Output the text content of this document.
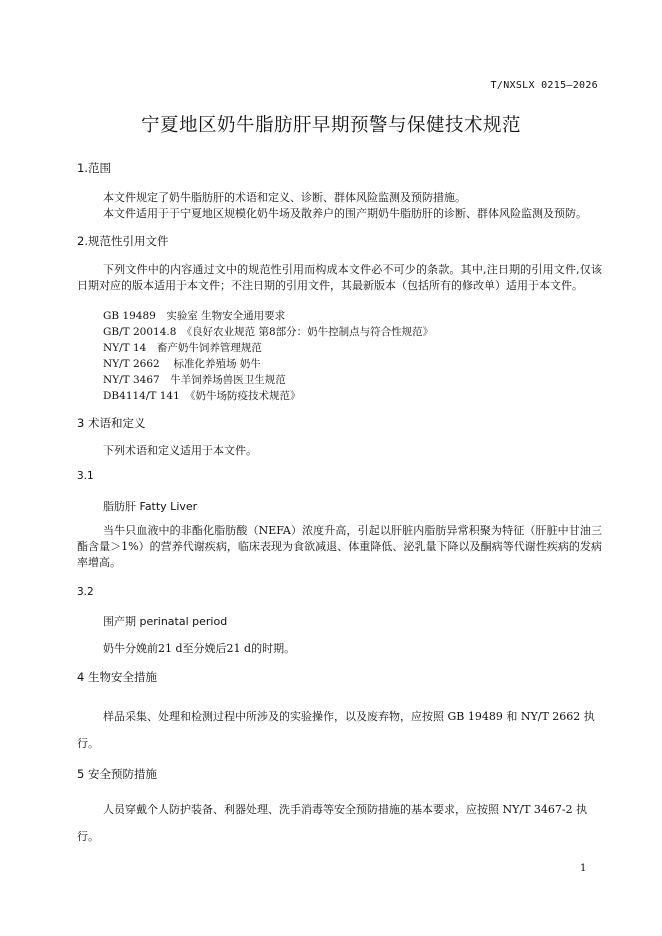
T/NXSLX 0215—2026
宁夏地区奶牛脂肪肝早期预警与保健技术规范
1.范围
本文件规定了奶牛脂肪肝的术语和定义、诊断、群体风险监测及预防措施。
本文件适用于于宁夏地区规模化奶牛场及散养户的围产期奶牛脂肪肝的诊断、群体风险监测及预防。
2.规范性引用文件
下列文件中的内容通过文中的规范性引用而构成本文件必不可少的条款。其中,注日期的引用文件,仅该日期对应的版本适用于本文件；不注日期的引用文件，其最新版本（包括所有的修改单）适用于本文件。
GB 19489　实验室 生物安全通用要求
GB/T 20014.8　《良好农业规范 第8部分：奶牛控制点与符合性规范》
NY/T 14　畜产奶牛饲养管理规范
NY/T 2662　 标准化养殖场 奶牛
NY/T 3467　牛羊饲养场兽医卫生规范
DB4114/T 141　《奶牛场防疫技术规范》
3 术语和定义
下列术语和定义适用于本文件。
3.1
脂肪肝 Fatty Liver
当牛只血液中的非酯化脂肪酸（NEFA）浓度升高，引起以肝脏内脂肪异常积聚为特征（肝脏中甘油三酯含量＞1%）的营养代谢疾病，临床表现为食欲减退、体重降低、泌乳量下降以及酮病等代谢性疾病的发病率增高。
3.2
围产期 perinatal period
奶牛分娩前21 d至分娩后21 d的时期。
4 生物安全措施
样品采集、处理和检测过程中所涉及的实验操作，以及废弃物，应按照 GB 19489 和 NY/T 2662 执行。
5 安全预防措施
人员穿戴个人防护装备、利器处理、洗手消毒等安全预防措施的基本要求，应按照 NY/T 3467-2 执行。
1
